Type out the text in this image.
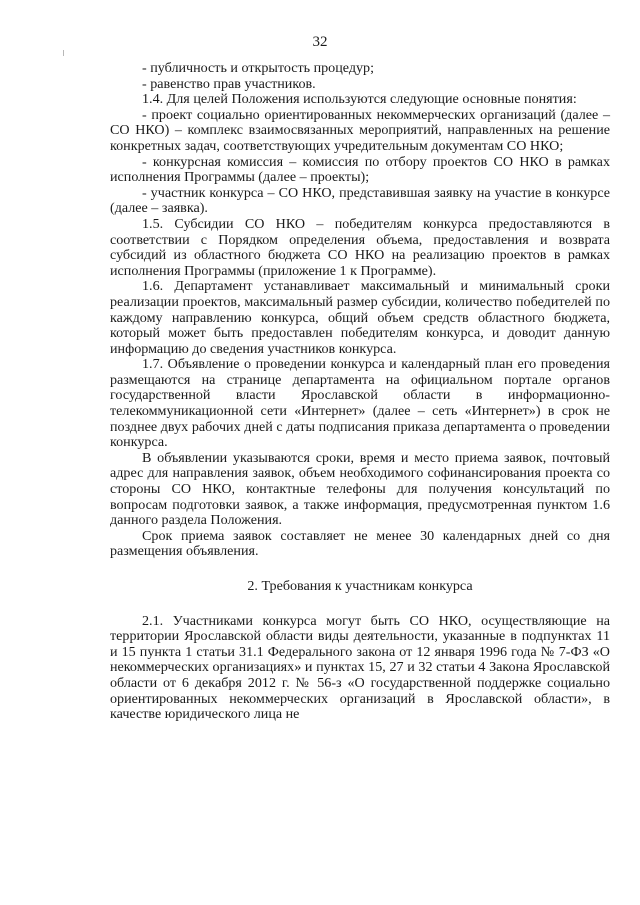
32

- публичность и открытость процедур;

- равенство прав участников.

1.4. Для целей Положения используются следующие основные понятия:

- проект социально ориентированных некоммерческих организаций (далее – СО НКО) – комплекс взаимосвязанных мероприятий, направленных на решение конкретных задач, соответствующих учредительным документам СО НКО;

- конкурсная комиссия – комиссия по отбору проектов СО НКО в рамках исполнения Программы (далее – проекты);

- участник конкурса – СО НКО, представившая заявку на участие в конкурсе (далее – заявка).

1.5. Субсидии СО НКО – победителям конкурса предоставляются в соответствии с Порядком определения объема, предоставления и возврата субсидий из областного бюджета СО НКО на реализацию проектов в рамках исполнения Программы (приложение 1 к Программе).

1.6. Департамент устанавливает максимальный и минимальный сроки реализации проектов, максимальный размер субсидии, количество победителей по каждому направлению конкурса, общий объем средств областного бюджета, который может быть предоставлен победителям конкурса, и доводит данную информацию до сведения участников конкурса.

1.7. Объявление о проведении конкурса и календарный план его проведения размещаются на странице департамента на официальном портале органов государственной власти Ярославской области в информационно-телекоммуникационной сети «Интернет» (далее – сеть «Интернет») в срок не позднее двух рабочих дней с даты подписания приказа департамента о проведении конкурса.

В объявлении указываются сроки, время и место приема заявок, почтовый адрес для направления заявок, объем необходимого софинансирования проекта со стороны СО НКО, контактные телефоны для получения консультаций по вопросам подготовки заявок, а также информация, предусмотренная пунктом 1.6 данного раздела Положения.

Срок приема заявок составляет не менее 30 календарных дней со дня размещения объявления.

2. Требования к участникам конкурса

2.1. Участниками конкурса могут быть СО НКО, осуществляющие на территории Ярославской области виды деятельности, указанные в подпунктах 11 и 15 пункта 1 статьи 31.1 Федерального закона от 12 января 1996 года № 7-ФЗ «О некоммерческих организациях» и пунктах 15, 27 и 32 статьи 4 Закона Ярославской области от 6 декабря 2012 г. № 56-з «О государственной поддержке социально ориентированных некоммерческих организаций в Ярославской области», в качестве юридического лица не
